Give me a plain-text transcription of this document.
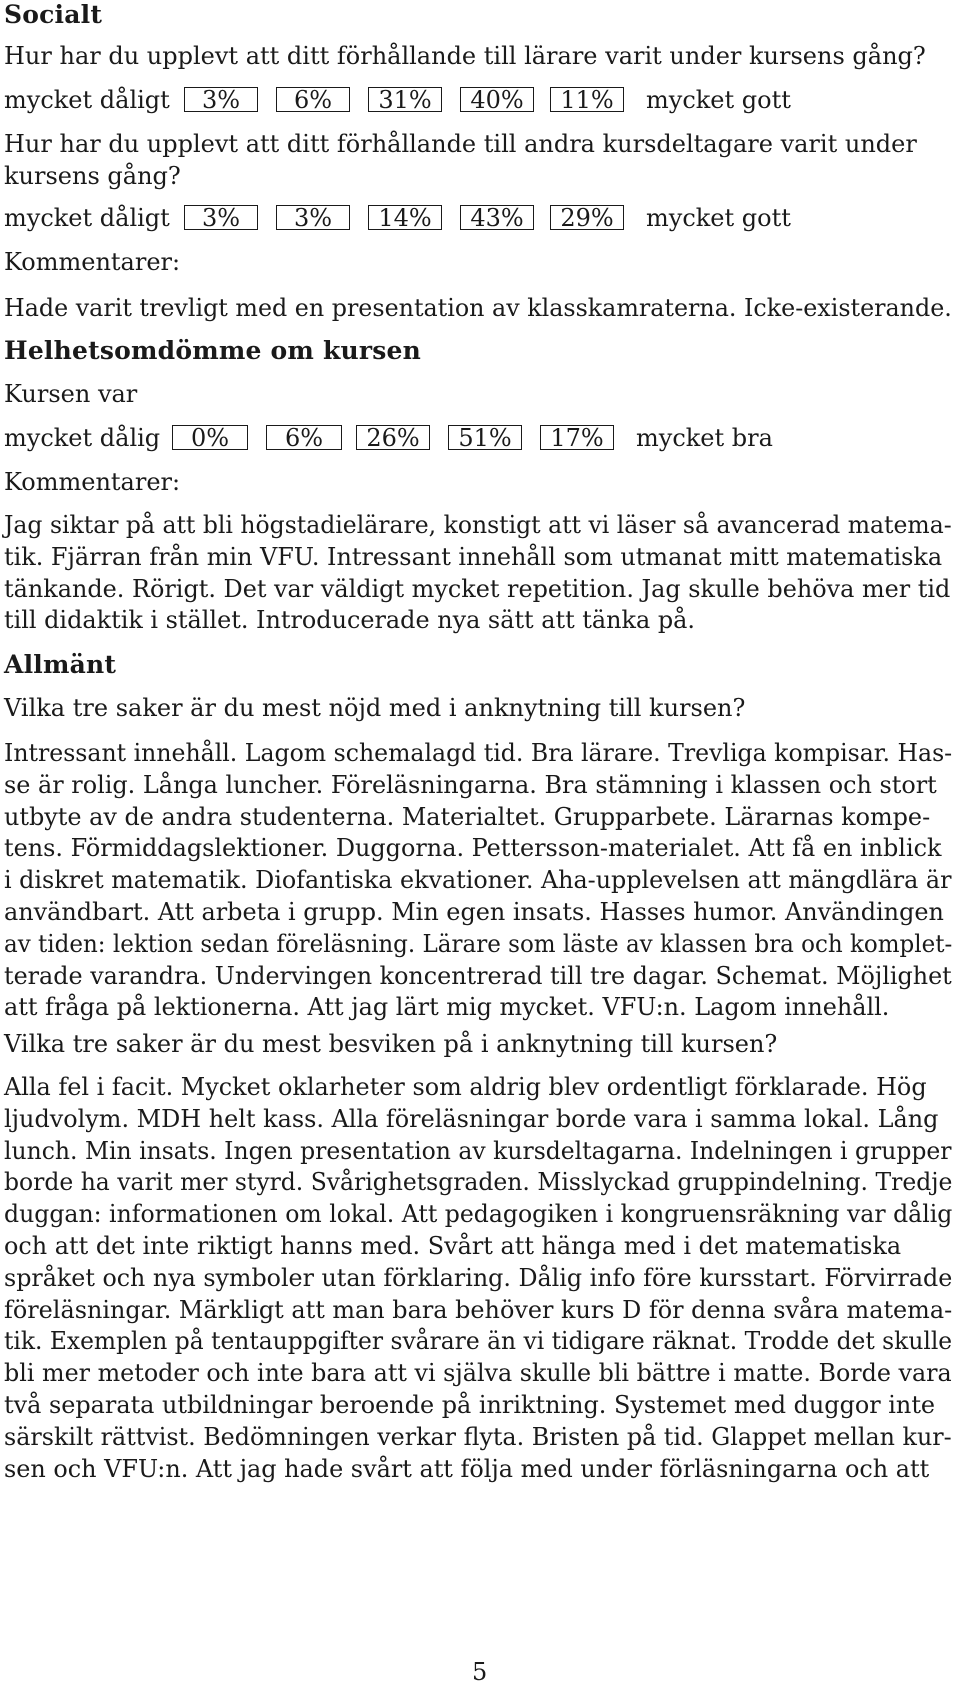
Socialt
Hur har du upplevt att ditt förhållande till lärare varit under kursens gång?
mycket dåligt	3%	6%	31%	40%	11%	mycket gott
Hur har du upplevt att ditt förhållande till andra kursdeltagare varit under
kursens gång?
mycket dåligt	3%	3%	14%	43%	29%	mycket gott
Kommentarer:
Hade varit trevligt med en presentation av klasskamraterna. Icke-existerande.
Helhetsomdömme om kursen
Kursen var
mycket dålig	0%	6%	26%	51%	17%	mycket bra
Kommentarer:
Jag siktar på att bli högstadielärare, konstigt att vi läser så avancerad matema-
tik. Fjärran från min VFU. Intressant innehåll som utmanat mitt matematiska
tänkande. Rörigt. Det var väldigt mycket repetition. Jag skulle behöva mer tid
till didaktik i stället. Introducerade nya sätt att tänka på.
Allmänt
Vilka tre saker är du mest nöjd med i anknytning till kursen?
Intressant innehåll. Lagom schemalagd tid. Bra lärare. Trevliga kompisar. Has-
se är rolig. Långa luncher. Föreläsningarna. Bra stämning i klassen och stort
utbyte av de andra studenterna. Materialtet. Grupparbete. Lärarnas kompe-
tens. Förmiddagslektioner. Duggorna. Pettersson-materialet. Att få en inblick
i diskret matematik. Diofantiska ekvationer. Aha-upplevelsen att mängdlära är
användbart. Att arbeta i grupp. Min egen insats. Hasses humor. Användingen
av tiden: lektion sedan föreläsning. Lärare som läste av klassen bra och komplet-
terade varandra. Undervingen koncentrerad till tre dagar. Schemat. Möjlighet
att fråga på lektionerna. Att jag lärt mig mycket. VFU:n. Lagom innehåll.
Vilka tre saker är du mest besviken på i anknytning till kursen?
Alla fel i facit. Mycket oklarheter som aldrig blev ordentligt förklarade. Hög
ljudvolym. MDH helt kass. Alla föreläsningar borde vara i samma lokal. Lång
lunch. Min insats. Ingen presentation av kursdeltagarna. Indelningen i grupper
borde ha varit mer styrd. Svårighetsgraden. Misslyckad gruppindelning. Tredje
duggan: informationen om lokal. Att pedagogiken i kongruensräkning var dålig
och att det inte riktigt hanns med. Svårt att hänga med i det matematiska
språket och nya symboler utan förklaring. Dålig info före kursstart. Förvirrade
föreläsningar. Märkligt att man bara behöver kurs D för denna svåra matema-
tik. Exemplen på tentauppgifter svårare än vi tidigare räknat. Trodde det skulle
bli mer metoder och inte bara att vi själva skulle bli bättre i matte. Borde vara
två separata utbildningar beroende på inriktning. Systemet med duggor inte
särskilt rättvist. Bedömningen verkar flyta. Bristen på tid. Glappet mellan kur-
sen och VFU:n. Att jag hade svårt att följa med under förläsningarna och att
5
